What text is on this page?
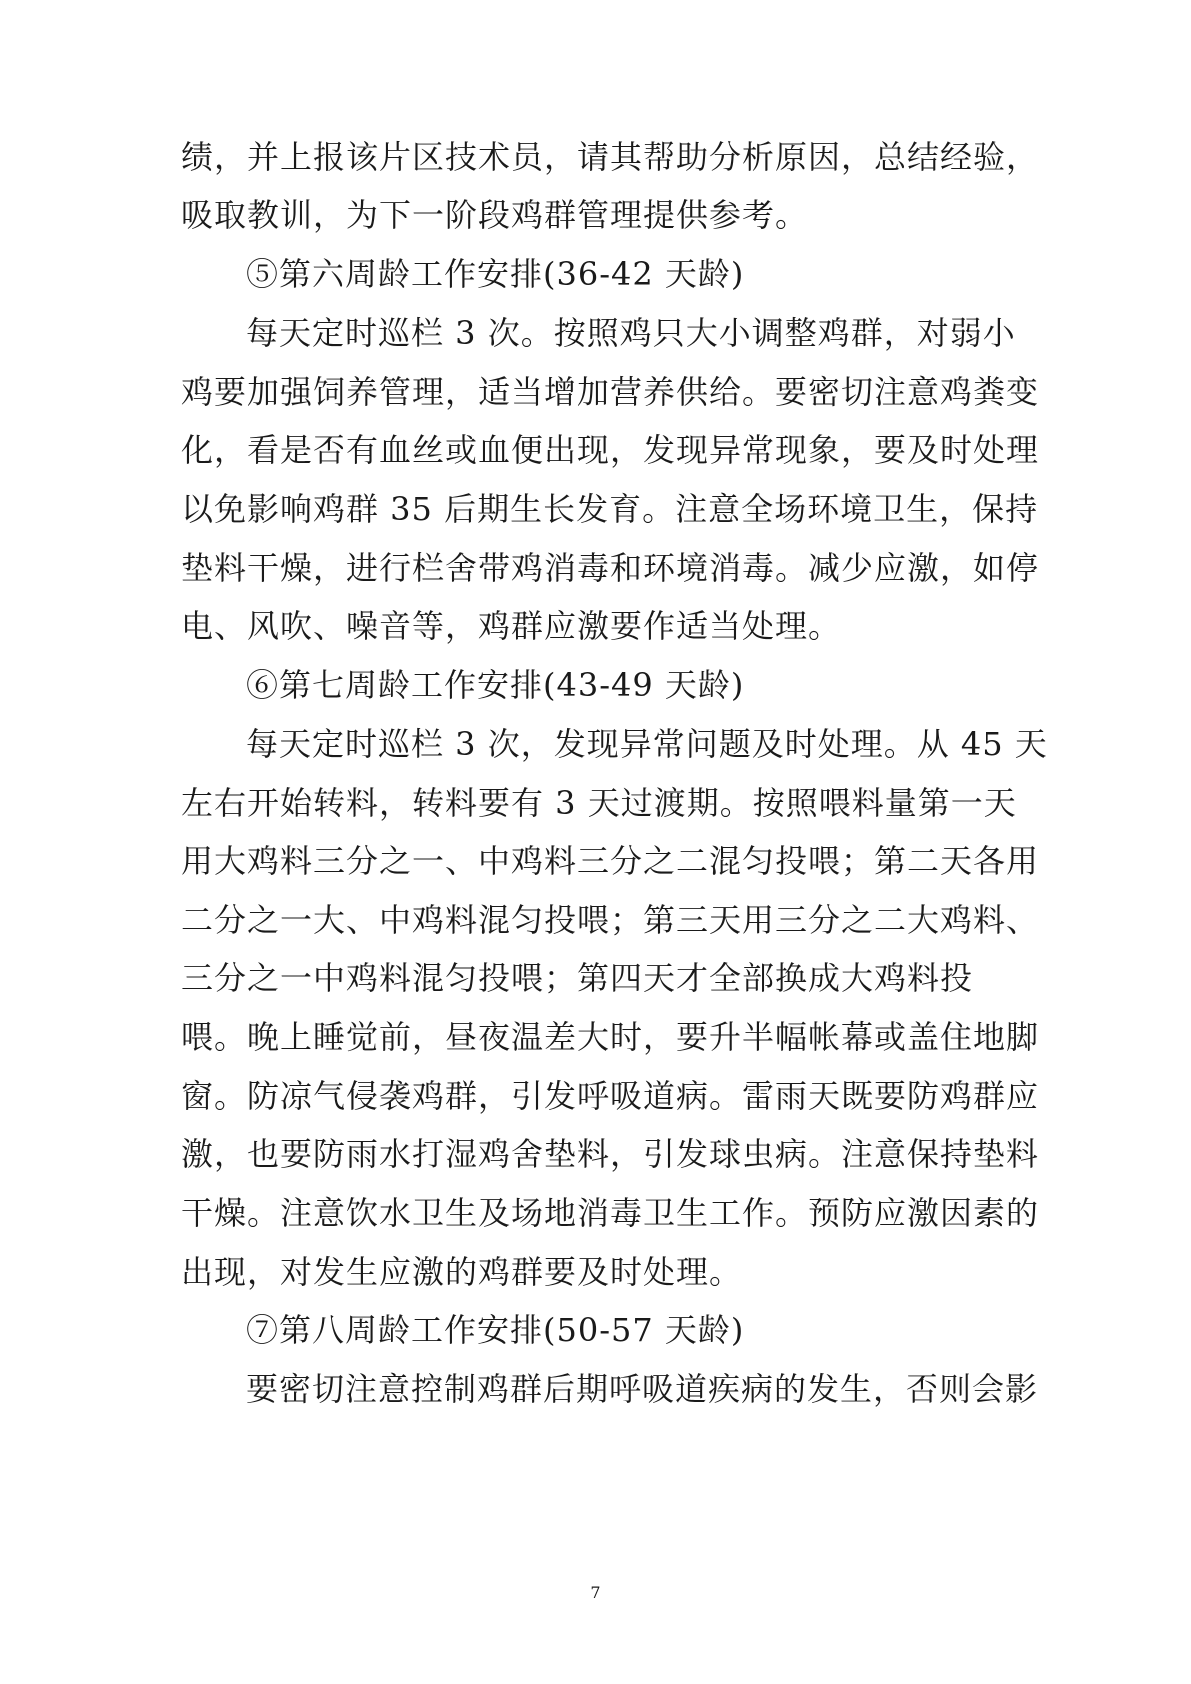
绩，并上报该片区技术员，请其帮助分析原因，总结经验，
吸取教训，为下一阶段鸡群管理提供参考。
⑤第六周龄工作安排(36-42 天龄)
每天定时巡栏 3 次。按照鸡只大小调整鸡群，对弱小
鸡要加强饲养管理，适当增加营养供给。要密切注意鸡粪变
化，看是否有血丝或血便出现，发现异常现象，要及时处理
以免影响鸡群 35 后期生长发育。注意全场环境卫生，保持
垫料干燥，进行栏舍带鸡消毒和环境消毒。减少应激，如停
电、风吹、噪音等，鸡群应激要作适当处理。
⑥第七周龄工作安排(43-49 天龄)
每天定时巡栏 3 次，发现异常问题及时处理。从 45 天
左右开始转料，转料要有 3 天过渡期。按照喂料量第一天
用大鸡料三分之一、中鸡料三分之二混匀投喂；第二天各用
二分之一大、中鸡料混匀投喂；第三天用三分之二大鸡料、
三分之一中鸡料混匀投喂；第四天才全部换成大鸡料投
喂。晚上睡觉前，昼夜温差大时，要升半幅帐幕或盖住地脚
窗。防凉气侵袭鸡群，引发呼吸道病。雷雨天既要防鸡群应
激，也要防雨水打湿鸡舍垫料，引发球虫病。注意保持垫料
干燥。注意饮水卫生及场地消毒卫生工作。预防应激因素的
出现，对发生应激的鸡群要及时处理。
⑦第八周龄工作安排(50-57 天龄)
要密切注意控制鸡群后期呼吸道疾病的发生，否则会影
7
